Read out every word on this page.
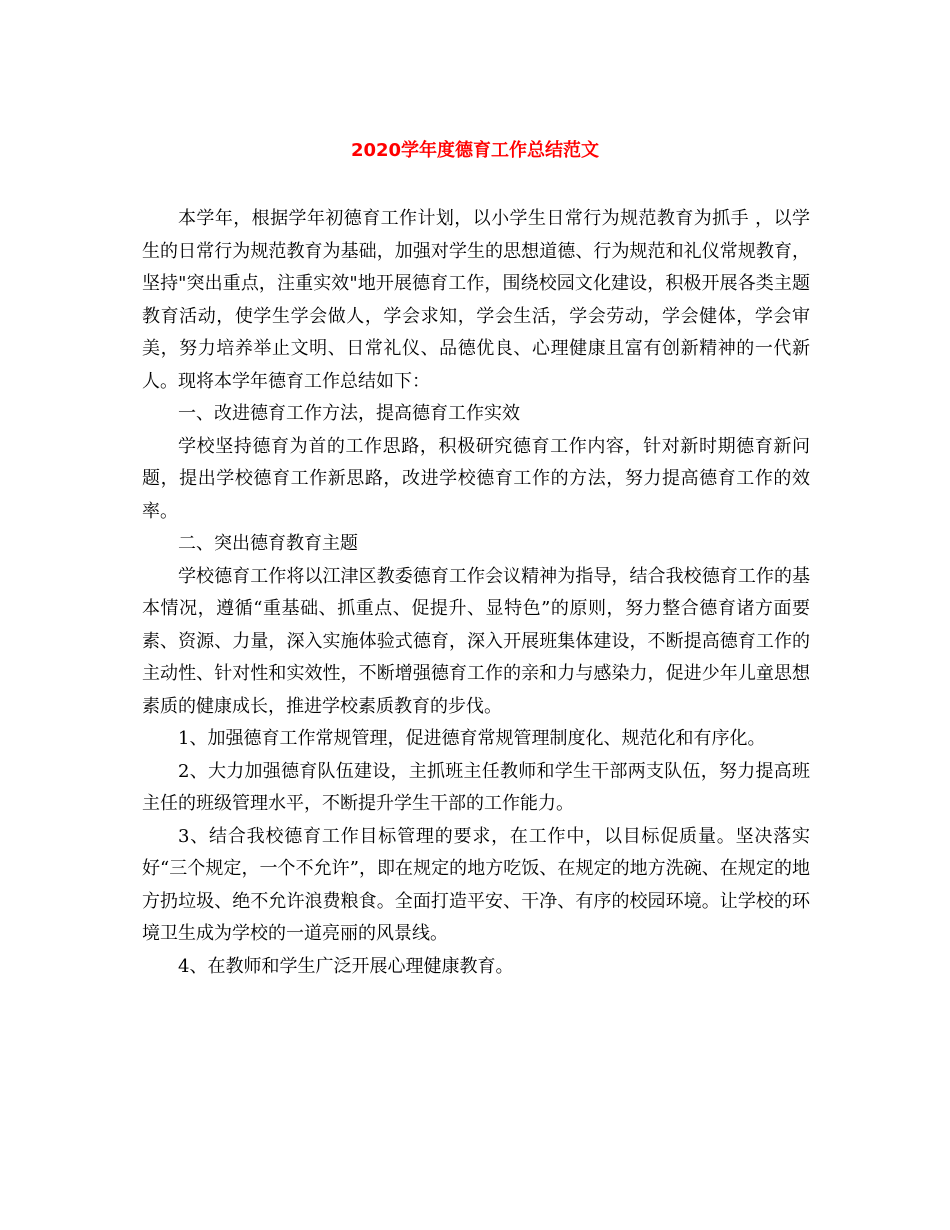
2020学年度德育工作总结范文

本学年，根据学年初德育工作计划，以小学生日常行为规范教育为抓手 ，以学生的日常行为规范教育为基础，加强对学生的思想道德、行为规范和礼仪常规教育，坚持"突出重点，注重实效"地开展德育工作，围绕校园文化建设，积极开展各类主题教育活动，使学生学会做人，学会求知，学会生活，学会劳动，学会健体，学会审美，努力培养举止文明、日常礼仪、品德优良、心理健康且富有创新精神的一代新人。现将本学年德育工作总结如下：

一、改进德育工作方法，提高德育工作实效

学校坚持德育为首的工作思路，积极研究德育工作内容，针对新时期德育新问题，提出学校德育工作新思路，改进学校德育工作的方法，努力提高德育工作的效率。

二、突出德育教育主题

学校德育工作将以江津区教委德育工作会议精神为指导，结合我校德育工作的基本情况，遵循“重基础、抓重点、促提升、显特色”的原则，努力整合德育诸方面要素、资源、力量，深入实施体验式德育，深入开展班集体建设，不断提高德育工作的主动性、针对性和实效性，不断增强德育工作的亲和力与感染力，促进少年儿童思想素质的健康成长，推进学校素质教育的步伐。

1、加强德育工作常规管理，促进德育常规管理制度化、规范化和有序化。

2、大力加强德育队伍建设，主抓班主任教师和学生干部两支队伍，努力提高班主任的班级管理水平，不断提升学生干部的工作能力。

3、结合我校德育工作目标管理的要求，在工作中，以目标促质量。坚决落实好“三个规定，一个不允许”，即在规定的地方吃饭、在规定的地方洗碗、在规定的地方扔垃圾、绝不允许浪费粮食。全面打造平安、干净、有序的校园环境。让学校的环境卫生成为学校的一道亮丽的风景线。

4、在教师和学生广泛开展心理健康教育。
